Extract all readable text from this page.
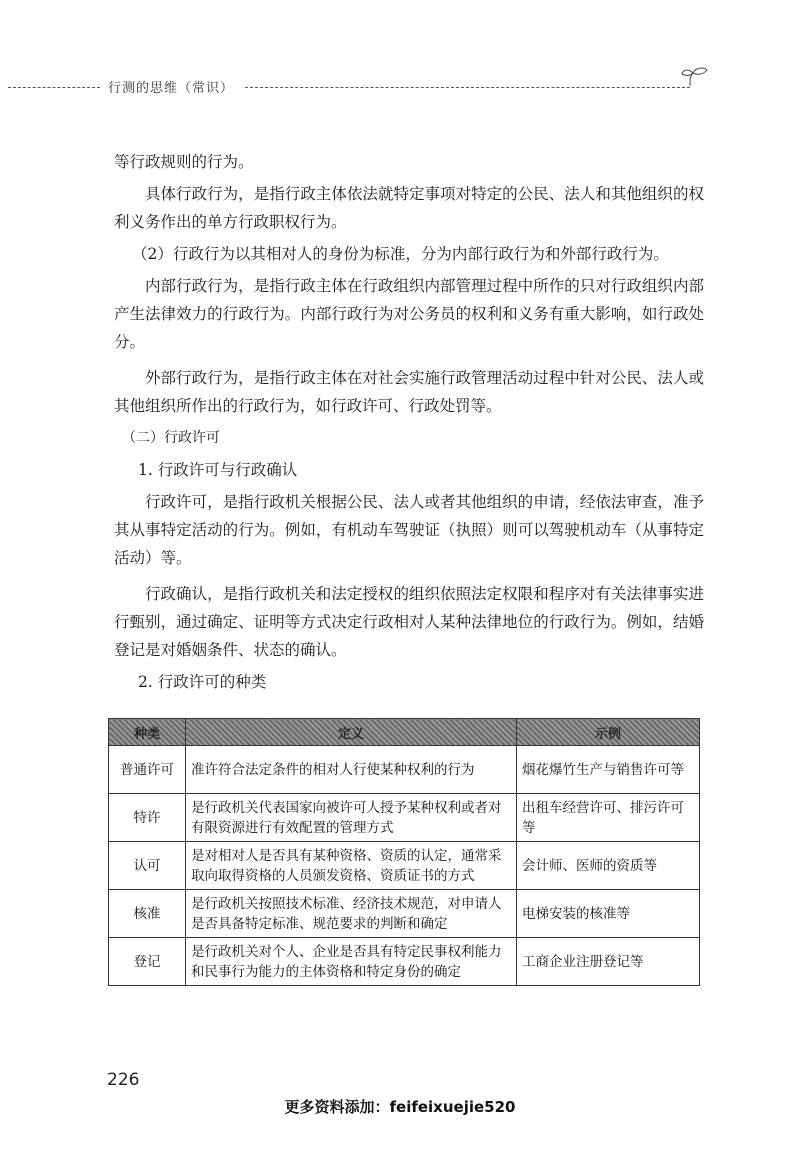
行测的思维（常识）

等行政规则的行为。

具体行政行为，是指行政主体依法就特定事项对特定的公民、法人和其他组织的权利义务作出的单方行政职权行为。

（2）行政行为以其相对人的身份为标准，分为内部行政行为和外部行政行为。

内部行政行为，是指行政主体在行政组织内部管理过程中所作的只对行政组织内部产生法律效力的行政行为。内部行政行为对公务员的权利和义务有重大影响，如行政处分。

外部行政行为，是指行政主体在对社会实施行政管理活动过程中针对公民、法人或其他组织所作出的行政行为，如行政许可、行政处罚等。

（二）行政许可

1. 行政许可与行政确认

行政许可，是指行政机关根据公民、法人或者其他组织的申请，经依法审查，准予其从事特定活动的行为。例如，有机动车驾驶证（执照）则可以驾驶机动车（从事特定活动）等。

行政确认，是指行政机关和法定授权的组织依照法定权限和程序对有关法律事实进行甄别，通过确定、证明等方式决定行政相对人某种法律地位的行政行为。例如，结婚登记是对婚姻条件、状态的确认。

2. 行政许可的种类

种类	定义	示例
普通许可	准许符合法定条件的相对人行使某种权利的行为	烟花爆竹生产与销售许可等
特许	是行政机关代表国家向被许可人授予某种权利或者对有限资源进行有效配置的管理方式	出租车经营许可、排污许可等
认可	是对相对人是否具有某种资格、资质的认定，通常采取向取得资格的人员颁发资格、资质证书的方式	会计师、医师的资质等
核准	是行政机关按照技术标准、经济技术规范，对申请人是否具备特定标准、规范要求的判断和确定	电梯安装的核准等
登记	是行政机关对个人、企业是否具有特定民事权利能力和民事行为能力的主体资格和特定身份的确定	工商企业注册登记等
226
更多资料添加：feifeixuejie520
